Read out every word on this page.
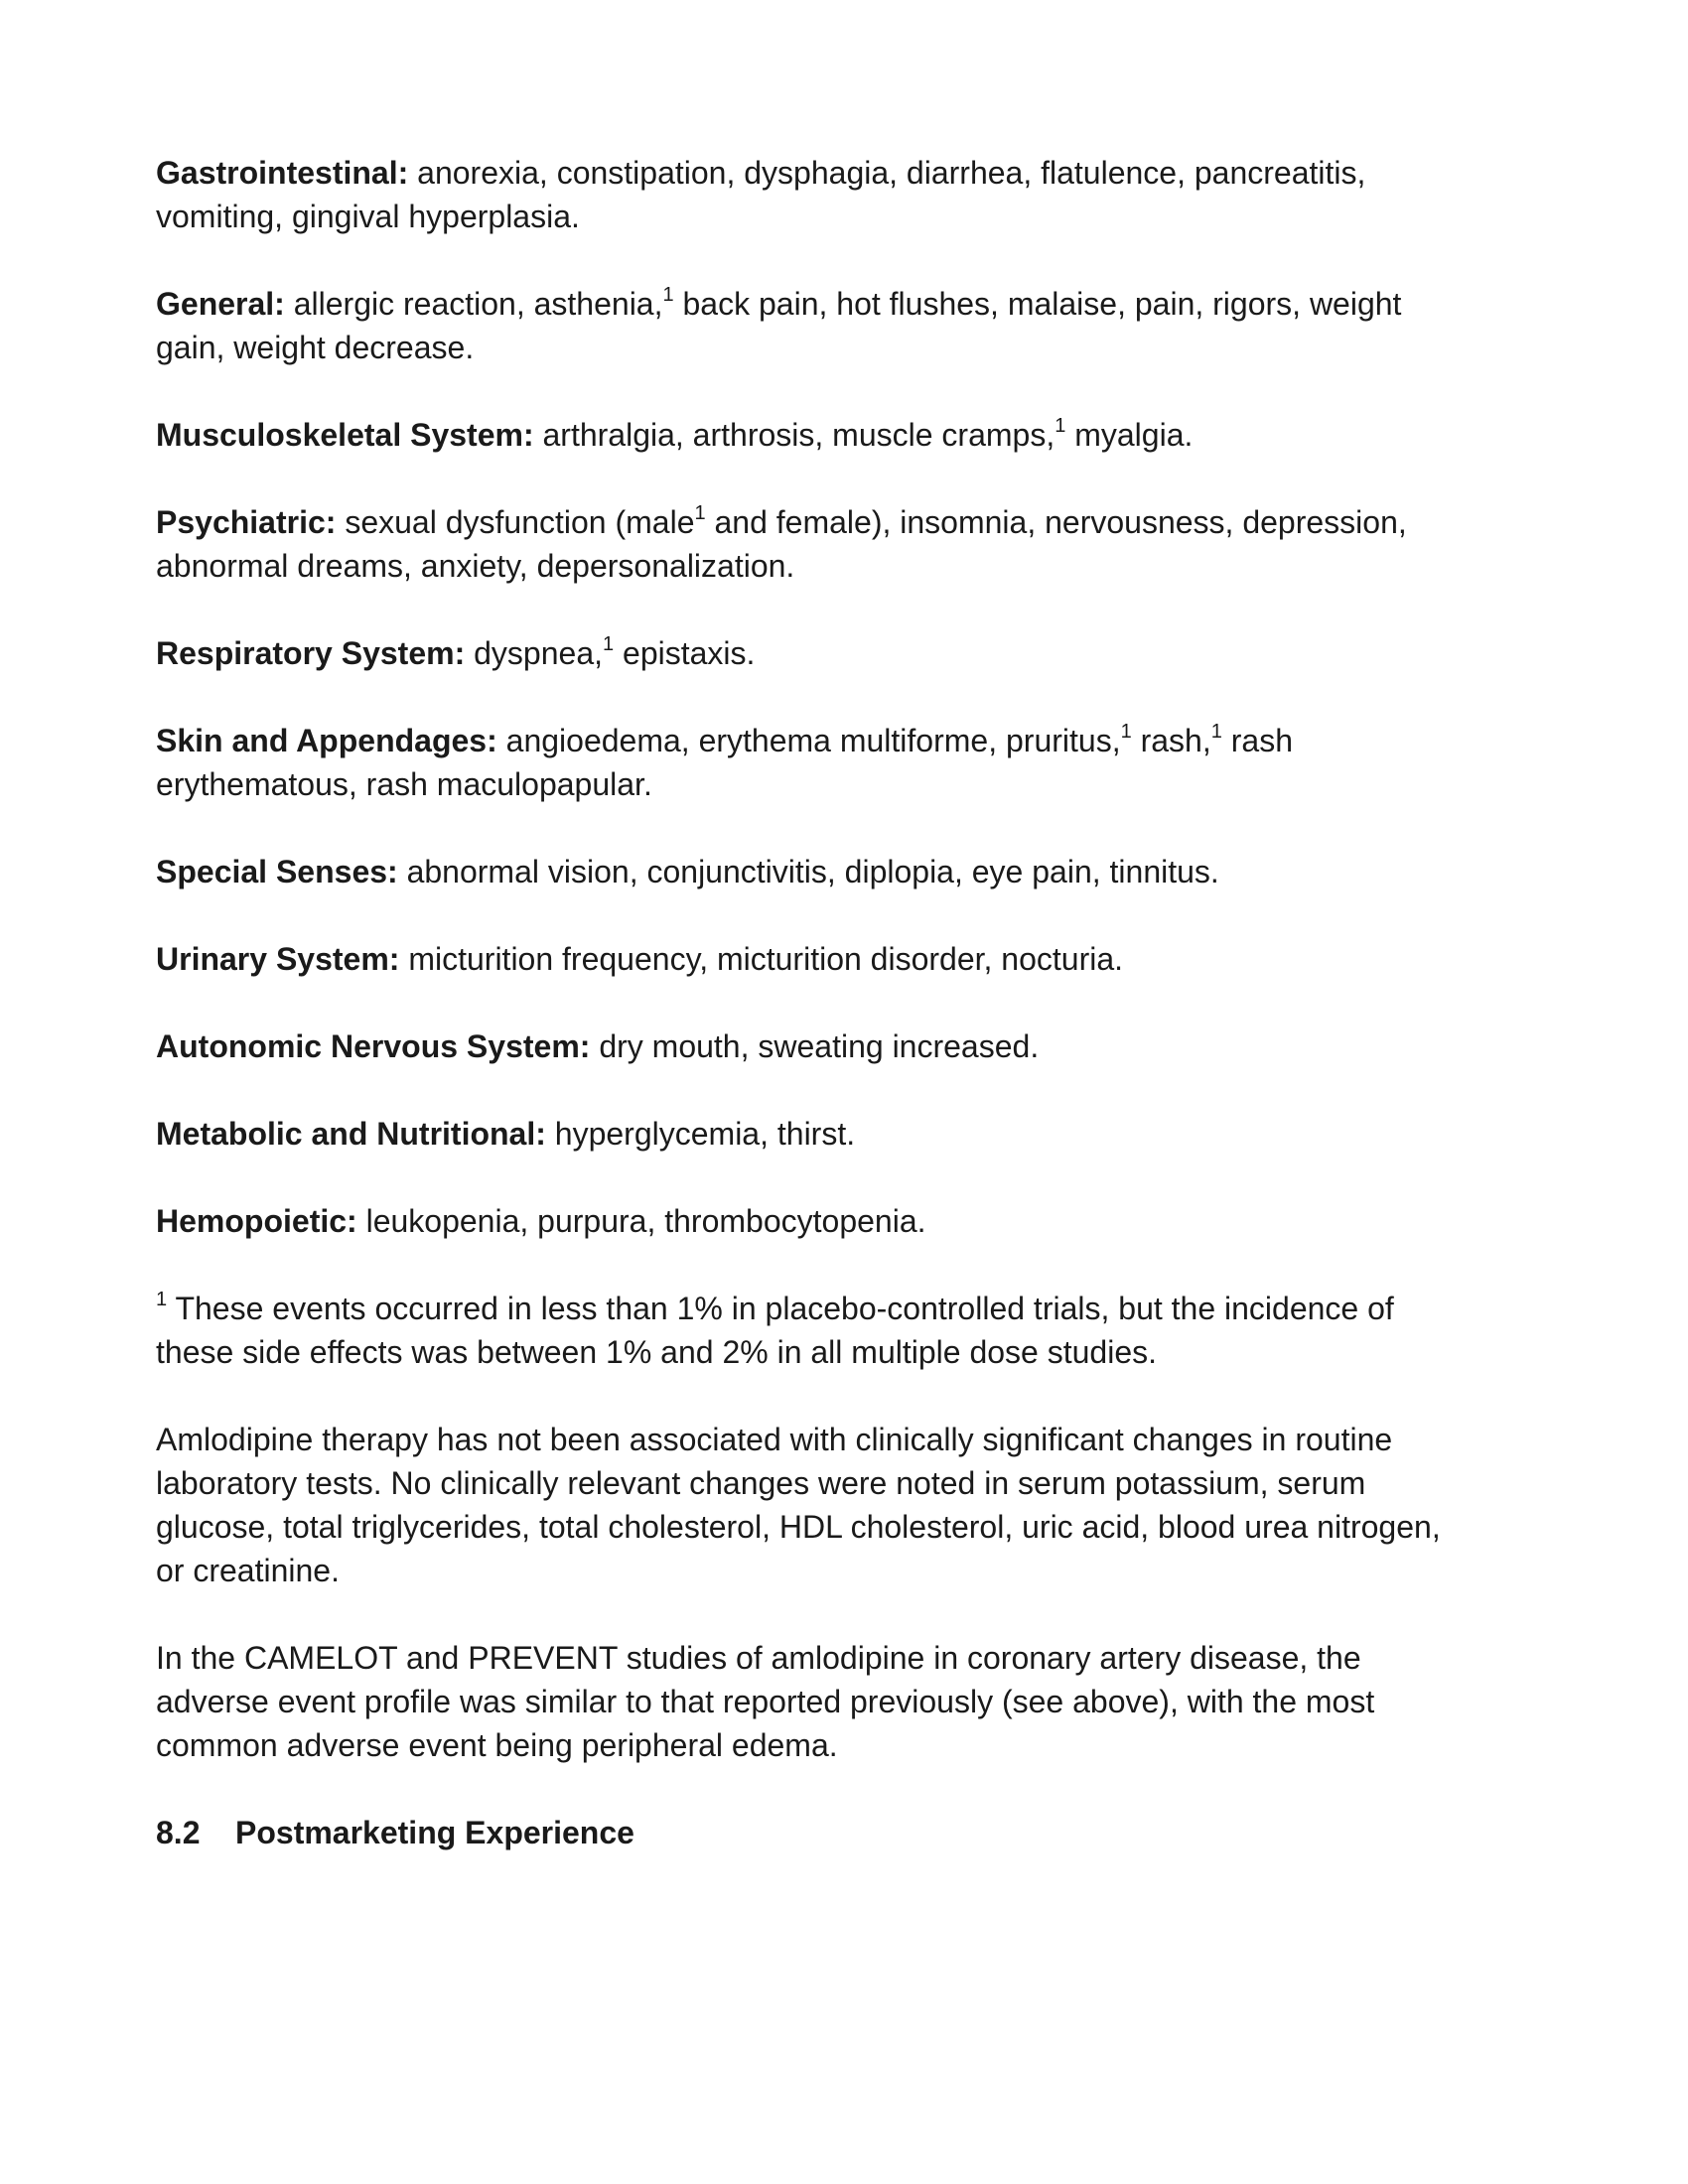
Gastrointestinal: anorexia, constipation, dysphagia, diarrhea, flatulence, pancreatitis,
vomiting, gingival hyperplasia.

General: allergic reaction, asthenia,$^1$ back pain, hot flushes, malaise, pain, rigors, weight
gain, weight decrease.

Musculoskeletal System: arthralgia, arthrosis, muscle cramps,$^1$ myalgia.

Psychiatric: sexual dysfunction (male$^1$ and female), insomnia, nervousness, depression,
abnormal dreams, anxiety, depersonalization.

Respiratory System: dyspnea,$^1$ epistaxis.

Skin and Appendages: angioedema, erythema multiforme, pruritus,$^1$ rash,$^1$ rash
erythematous, rash maculopapular.

Special Senses: abnormal vision, conjunctivitis, diplopia, eye pain, tinnitus.

Urinary System: micturition frequency, micturition disorder, nocturia.

Autonomic Nervous System: dry mouth, sweating increased.

Metabolic and Nutritional: hyperglycemia, thirst.

Hemopoietic: leukopenia, purpura, thrombocytopenia.

$^1$ These events occurred in less than 1% in placebo-controlled trials, but the incidence of
these side effects was between 1% and 2% in all multiple dose studies.

Amlodipine therapy has not been associated with clinically significant changes in routine
laboratory tests. No clinically relevant changes were noted in serum potassium, serum
glucose, total triglycerides, total cholesterol, HDL cholesterol, uric acid, blood urea nitrogen,
or creatinine.

In the CAMELOT and PREVENT studies of amlodipine in coronary artery disease, the
adverse event profile was similar to that reported previously (see above), with the most
common adverse event being peripheral edema.

8.2 Postmarketing Experience
